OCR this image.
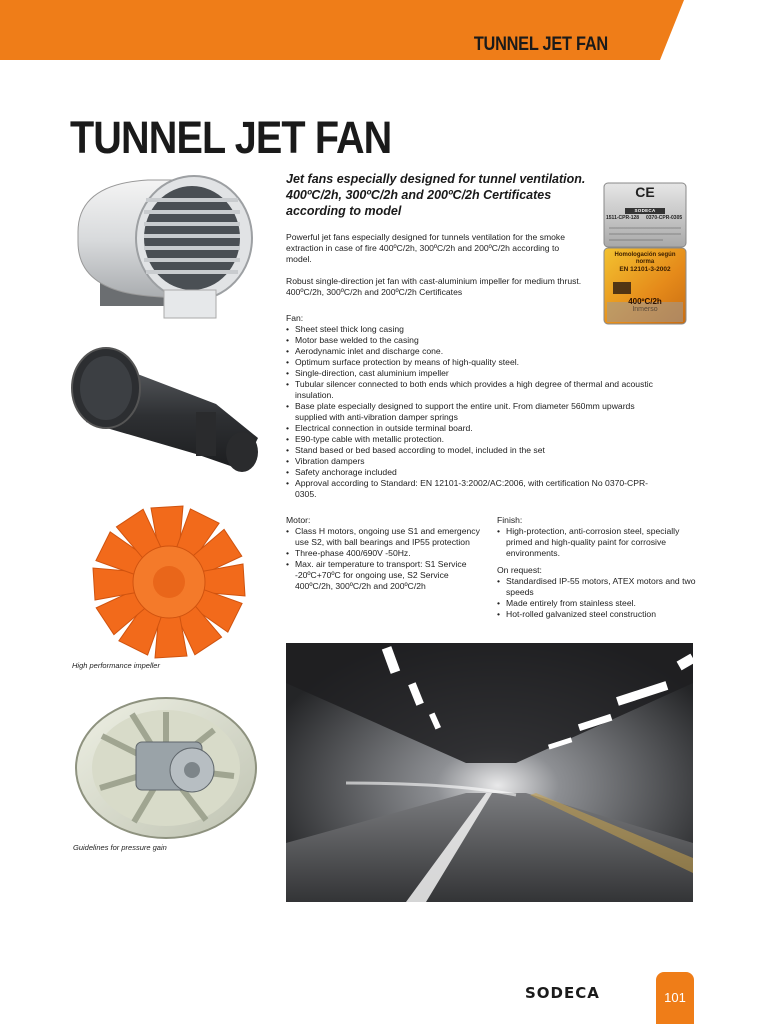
TUNNEL JET FAN
TUNNEL JET FAN
Jet fans especially designed for tunnel ventilation. 400ºC/2h, 300ºC/2h and 200ºC/2h Certificates according to model
Powerful jet fans especially designed for tunnels ventilation for the smoke extraction in case of fire 400ºC/2h, 300ºC/2h and 200ºC/2h according to model.
Robust single-direction jet fan with cast-aluminium impeller for medium thrust. 400ºC/2h, 300ºC/2h and 200ºC/2h Certificates
Fan:
• Sheet steel thick long casing
• Motor base welded to the casing
• Aerodynamic inlet and discharge cone.
• Optimum surface protection by means of high-quality steel.
• Single-direction, cast aluminium impeller
• Tubular silencer connected to both ends which provides a high degree of thermal and acoustic insulation.
• Base plate especially designed to support the entire unit. From diameter 560mm upwards supplied with anti-vibration damper springs
• Electrical connection in outside terminal board.
• E90-type cable with metallic protection.
• Stand based or bed based according to model, included in the set
• Vibration dampers
• Safety anchorage included
• Approval according to Standard: EN 12101-3:2002/AC:2006, with certification No 0370-CPR-0305.
Motor:
• Class H motors, ongoing use S1 and emergency use S2, with ball bearings and IP55 protection
• Three-phase 400/690V -50Hz.
• Max. air temperature to transport: S1 Service -20ºC+70ºC for ongoing use, S2 Service 400ºC/2h, 300ºC/2h and 200ºC/2h
Finish:
• High-protection, anti-corrosion steel, specially primed and high-quality paint for corrosive environments.
On request:
• Standardised IP-55 motors, ATEX motors and two speeds
• Made entirely from stainless steel.
• Hot-rolled galvanized steel construction
CE
SODECA
1511-CPR-128 0370-CPR-0305
Homologación según norma
EN 12101-3-2002
400ºC/2h
Inmerso
High performance impeller
Guidelines for pressure gain
SODECA	101
